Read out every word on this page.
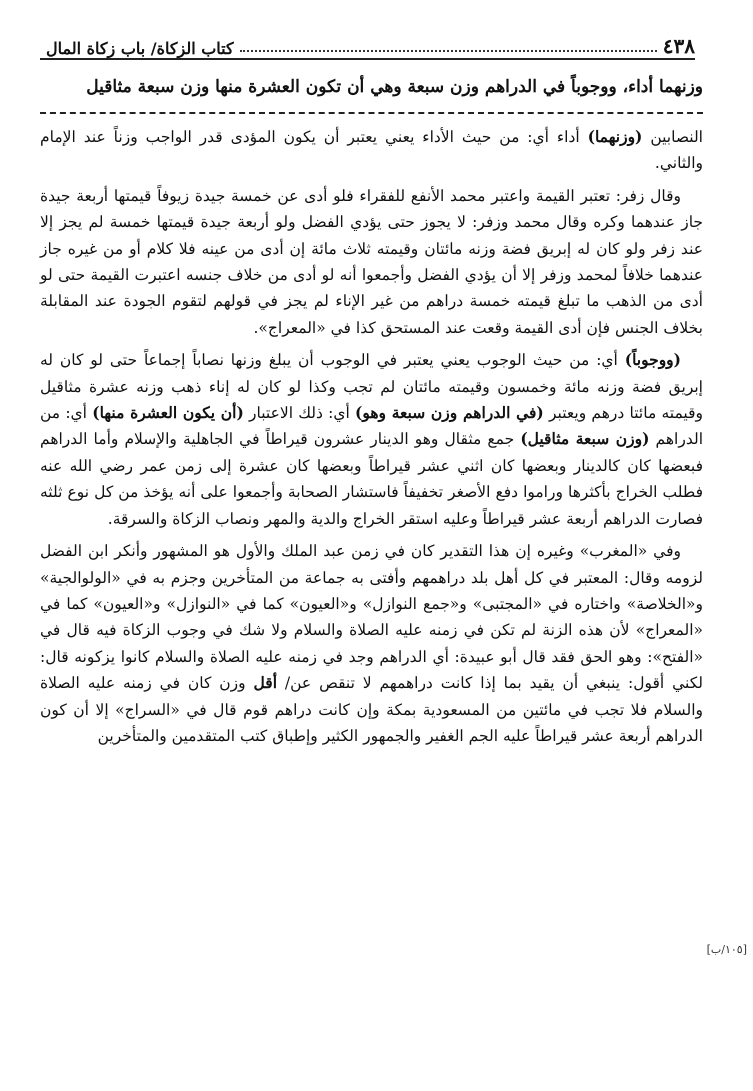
كتاب الزكاة/ باب زكاة المال	٤٣٨
وزنهما أداء، ووجوباً في الدراهم وزن سبعة وهي أن تكون العشرة منها وزن سبعة مثاقيل

النصابين (وزنهما) أداء أي: من حيث الأداء يعني يعتبر أن يكون المؤدى قدر الواجب وزناً عند الإمام والثاني.

وقال زفر: تعتبر القيمة واعتبر محمد الأنفع للفقراء فلو أدى عن خمسة جيدة زيوفاً قيمتها أربعة جيدة جاز عندهما وكره وقال محمد وزفر: لا يجوز حتى يؤدي الفضل ولو أربعة جيدة قيمتها خمسة لم يجز إلا عند زفر ولو كان له إبريق فضة وزنه مائتان وقيمته ثلاث مائة إن أدى من عينه فلا كلام أو من غيره جاز عندهما خلافاً لمحمد وزفر إلا أن يؤدي الفضل وأجمعوا أنه لو أدى من خلاف جنسه اعتبرت القيمة حتى لو أدى من الذهب ما تبلغ قيمته خمسة دراهم من غير الإناء لم يجز في قولهم لتقوم الجودة عند المقابلة بخلاف الجنس فإن أدى القيمة وقعت عند المستحق كذا في «المعراج».

(ووجوباً) أي: من حيث الوجوب يعني يعتبر في الوجوب أن يبلغ وزنها نصاباً إجماعاً حتى لو كان له إبريق فضة وزنه مائة وخمسون وقيمته مائتان لم تجب وكذا لو كان له إناء ذهب وزنه عشرة مثاقيل وقيمته مائتا درهم ويعتبر (في الدراهم وزن سبعة وهو) أي: ذلك الاعتبار (أن يكون العشرة منها) أي: من الدراهم (وزن سبعة مثاقيل) جمع مثقال وهو الدينار عشرون قيراطاً في الجاهلية والإسلام وأما الدراهم فبعضها كان كالدينار وبعضها كان اثني عشر قيراطاً وبعضها كان عشرة إلى زمن عمر رضي الله عنه فطلب الخراج بأكثرها وراموا دفع الأصغر تخفيفاً فاستشار الصحابة وأجمعوا على أنه يؤخذ من كل نوع ثلثه فصارت الدراهم أربعة عشر قيراطاً وعليه استقر الخراج والدية والمهر ونصاب الزكاة والسرقة.

وفي «المغرب» وغيره إن هذا التقدير كان في زمن عبد الملك والأول هو المشهور وأنكر ابن الفضل لزومه وقال: المعتبر في كل أهل بلد دراهمهم وأفتى به جماعة من المتأخرين وجزم به في «الولوالجية» و«الخلاصة» واختاره في «المجتبى» و«جمع النوازل» و«العيون» كما في «النوازل» و«العيون» كما في «المعراج» لأن هذه الزنة لم تكن في زمنه عليه الصلاة والسلام ولا شك في وجوب الزكاة فيه قال في «الفتح»: وهو الحق فقد قال أبو عبيدة: أي الدراهم وجد في زمنه عليه الصلاة والسلام كانوا يزكونه قال: لكني أقول: ينبغي أن يقيد بما إذا كانت دراهمهم لا تنقص عن/ أقل وزن كان في زمنه عليه الصلاة والسلام فلا تجب في مائتين من المسعودية بمكة وإن كانت دراهم قوم قال في «السراج» إلا أن كون الدراهم أربعة عشر قيراطاً عليه الجم الغفير والجمهور الكثير وإطباق كتب المتقدمين والمتأخرين

[١٠٥/ب]
